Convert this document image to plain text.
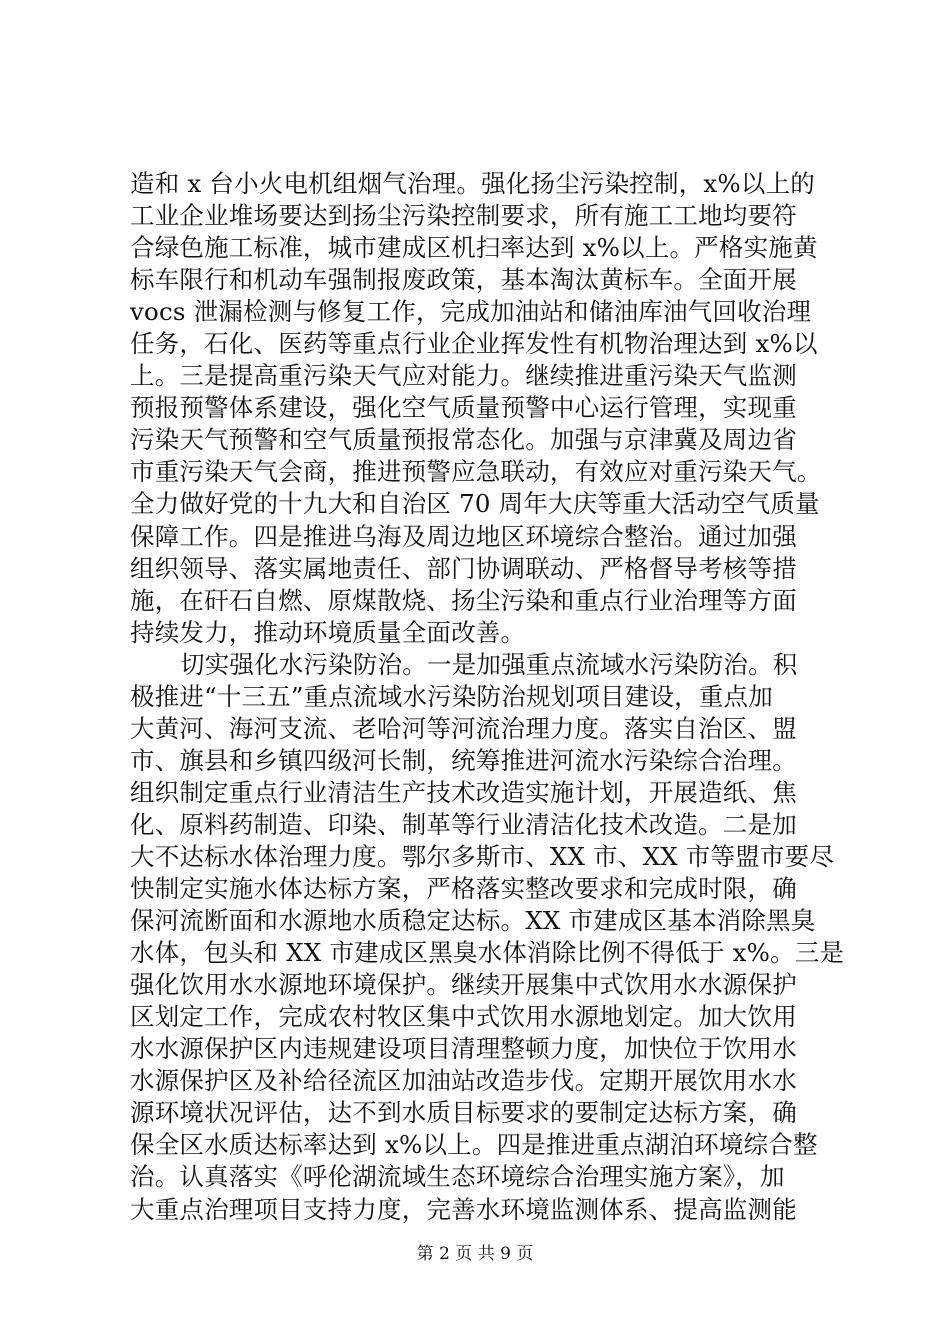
造和 x 台小火电机组烟气治理。强化扬尘污染控制，x%以上的
工业企业堆场要达到扬尘污染控制要求，所有施工工地均要符
合绿色施工标准，城市建成区机扫率达到 x%以上。严格实施黄
标车限行和机动车强制报废政策，基本淘汰黄标车。全面开展
vocs 泄漏检测与修复工作，完成加油站和储油库油气回收治理
任务，石化、医药等重点行业企业挥发性有机物治理达到 x%以
上。三是提高重污染天气应对能力。继续推进重污染天气监测
预报预警体系建设，强化空气质量预警中心运行管理，实现重
污染天气预警和空气质量预报常态化。加强与京津冀及周边省
市重污染天气会商，推进预警应急联动，有效应对重污染天气。
全力做好党的十九大和自治区 70 周年大庆等重大活动空气质量
保障工作。四是推进乌海及周边地区环境综合整治。通过加强
组织领导、落实属地责任、部门协调联动、严格督导考核等措
施，在矸石自燃、原煤散烧、扬尘污染和重点行业治理等方面
持续发力，推动环境质量全面改善。
切实强化水污染防治。一是加强重点流域水污染防治。积
极推进“十三五”重点流域水污染防治规划项目建设，重点加
大黄河、海河支流、老哈河等河流治理力度。落实自治区、盟
市、旗县和乡镇四级河长制，统筹推进河流水污染综合治理。
组织制定重点行业清洁生产技术改造实施计划，开展造纸、焦
化、原料药制造、印染、制革等行业清洁化技术改造。二是加
大不达标水体治理力度。鄂尔多斯市、XX 市、XX 市等盟市要尽
快制定实施水体达标方案，严格落实整改要求和完成时限，确
保河流断面和水源地水质稳定达标。XX 市建成区基本消除黑臭
水体，包头和 XX 市建成区黑臭水体消除比例不得低于 x%。三是
强化饮用水水源地环境保护。继续开展集中式饮用水水源保护
区划定工作，完成农村牧区集中式饮用水源地划定。加大饮用
水水源保护区内违规建设项目清理整顿力度，加快位于饮用水
水源保护区及补给径流区加油站改造步伐。定期开展饮用水水
源环境状况评估，达不到水质目标要求的要制定达标方案，确
保全区水质达标率达到 x%以上。四是推进重点湖泊环境综合整
治。认真落实《呼伦湖流域生态环境综合治理实施方案》，加
大重点治理项目支持力度，完善水环境监测体系、提高监测能
第 2 页 共 9 页
